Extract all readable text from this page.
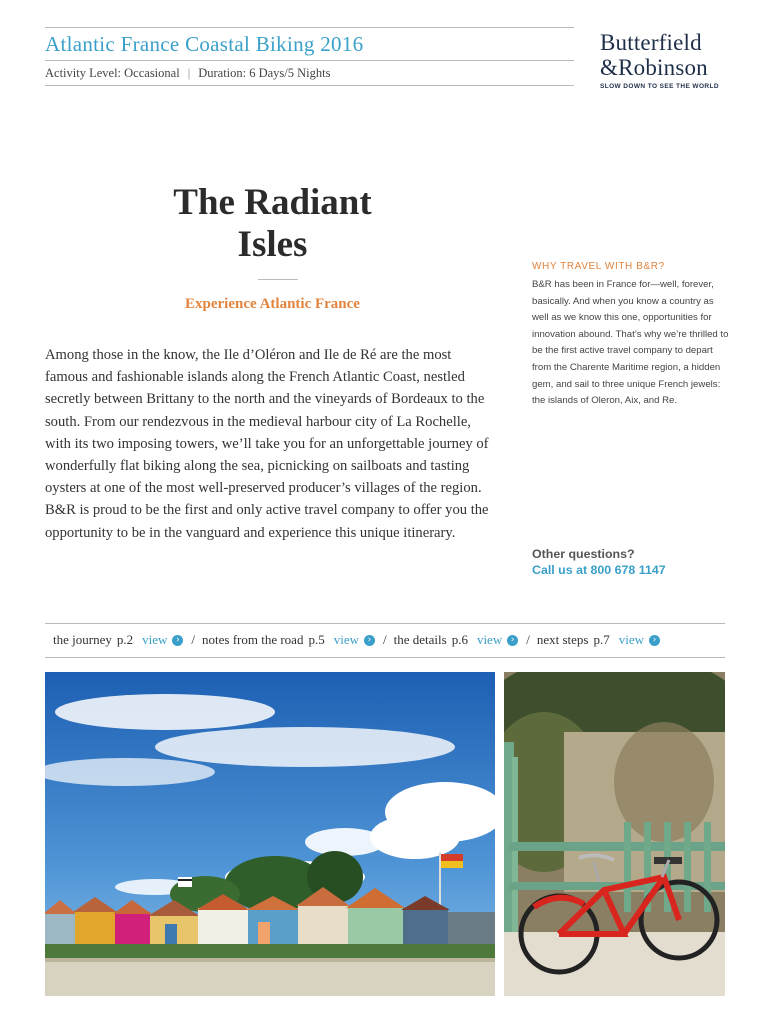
Atlantic France Coastal Biking 2016
Activity Level: Occasional | Duration: 6 Days/5 Nights
Butterfield
&Robinson
SLOW DOWN TO SEE THE WORLD
The Radiant
Isles
Experience Atlantic France
Among those in the know, the Ile d’Oléron and Ile de Ré are the most famous and fashionable islands along the French Atlantic Coast, nestled secretly between Brittany to the north and the vineyards of Bordeaux to the south. From our rendezvous in the medieval harbour city of La Rochelle, with its two imposing towers, we’ll take you for an unforgettable journey of wonderfully flat biking along the sea, picnicking on sailboats and tasting oysters at one of the most well-preserved producer’s villages of the region. B&R is proud to be the first and only active travel company to offer you the opportunity to be in the vanguard and experience this unique itinerary.
WHY TRAVEL WITH B&R?
B&R has been in France for—well, forever, basically. And when you know a country as well as we know this one, opportunities for innovation abound. That’s why we’re thrilled to be the first active travel company to depart from the Charente Maritime region, a hidden gem, and sail to three unique French jewels: the islands of Oleron, Aix, and Re.
Other questions?
Call us at 800 678 1147
the journey p.2 view › / notes from the road p.5 view › / the details p.6 view › / next steps p.7 view ›
